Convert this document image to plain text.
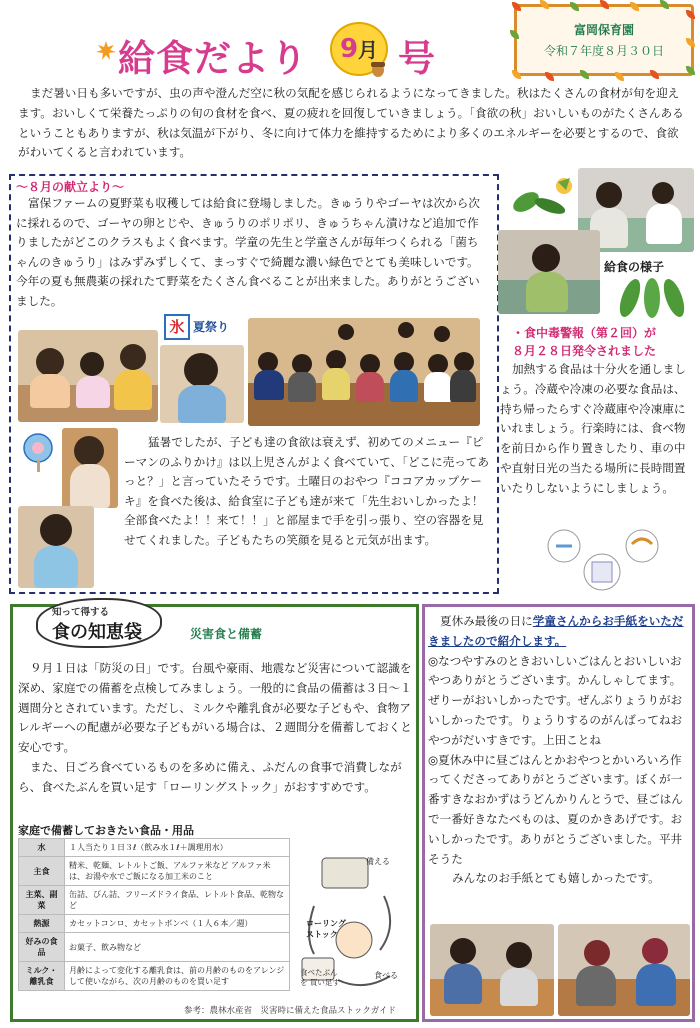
給食だより	9月 号
富岡保育園
令和７年度８月３０日

まだ暑い日も多いですが、虫の声や澄んだ空に秋の気配を感じられるようになってきました。秋はたくさんの食材が旬を迎えます。おいしくて栄養たっぷりの旬の食材を食べ、夏の疲れを回復していきましょう。「食欲の秋」おいしいものがたくさんあるということもありますが、秋は気温が下がり、冬に向けて体力を維持するためにより多くのエネルギーを必要とするので、食欲がわいてくると言われています。

～８月の献立より～

富保ファームの夏野菜も収穫しては給食に登場しました。きゅうりやゴーヤは次から次に採れるので、ゴーヤの卵とじや、きゅうりのポリポリ、きゅうちゃん漬けなど追加で作りましたがどこのクラスもよく食べます。学童の先生と学童さんが毎年つくられる「菌ちゃんのきゅうり」はみずみずしくて、まっすぐで綺麗な濃い緑色でとても美味しいです。今年の夏も無農薬の採れたて野菜をたくさん食べることが出来ました。ありがとうございました。

氷 夏祭り

猛暑でしたが、子ども達の食欲は衰えず、初めてのメニュー『ピーマンのふりかけ』は以上児さんがよく食べていて、「どこに売ってあっと？」と言っていたそうです。土曜日のおやつ『ココアカップケーキ』を食べた後は、給食室に子ども達が来て「先生おいしかったよ！全部食べたよ！！来て！！」と部屋まで手を引っ張り、空の容器を見せてくれました。子どもたちの笑顔を見ると元気が出ます。

給食の様子
・食中毒警報（第２回）が
８月２８日発令されました

加熱する食品は十分火を通しましょう。冷蔵や冷凍の必要な食品は、持ち帰ったらすぐ冷蔵庫や冷凍庫にいれましょう。行楽時には、食べ物を前日から作り置きしたり、車の中や直射日光の当たる場所に長時間置いたりしないようにしましょう。

知って得する
食の知恵袋	災害食と備蓄

９月１日は「防災の日」です。台風や豪雨、地震など災害について認識を深め、家庭での備蓄を点検してみましょう。一般的に食品の備蓄は３日～１週間分とされています。ただし、ミルクや離乳食が必要な子どもや、食物アレルギーへの配慮が必要な子どもがいる場合は、２週間分を備蓄しておくと安心です。

また、日ごろ食べているものを多めに備え、ふだんの食事で消費しながら、食べたぶんを買い足す「ローリングストック」がおすすめです。

家庭で備蓄しておきたい食品・用品
水	１人当たり１日３ℓ（飲み水１ℓ＋調理用水）
主食	精米、乾麺、レトルトご飯、アルファ米など アルファ米は、お湯や水でご飯になる加工米のこと
主菜、副菜	缶詰、びん詰、フリーズドライ食品、レトルト食品、乾物など
熱源	カセットコンロ、カセットボンベ（１人６本／週）
好みの食品	お菓子、飲み物など
ミルク・離乳食	月齢によって変化する離乳食は、前の月齢のものをアレンジして使いながら、次の月齢のものを買い足す
備える
ローリング ストック
食べる
食べたぶんを 買い足す
参考：農林水産省　災害時に備えた食品ストックガイド

夏休み最後の日に学童さんからお手紙をいただきましたので紹介します。

◎なつやすみのときおいしいごはんとおいしいおやつありがとうございます。かんしゃしてます。ぜりーがおいしかったです。ぜんぶりょうりがおいしかったです。りょうりするのがんばってねおやつがだいすきです。上田ことね

◎夏休み中に昼ごはんとかおやつとかいろいろ作ってくださってありがとうございます。ぼくが一番すきなおかずはうどんかりんとうで、昼ごはんで一番好きなたべものは、夏のかきあげです。おいしかったです。ありがとうございました。平井そうた

みんなのお手紙とても嬉しかったです。
